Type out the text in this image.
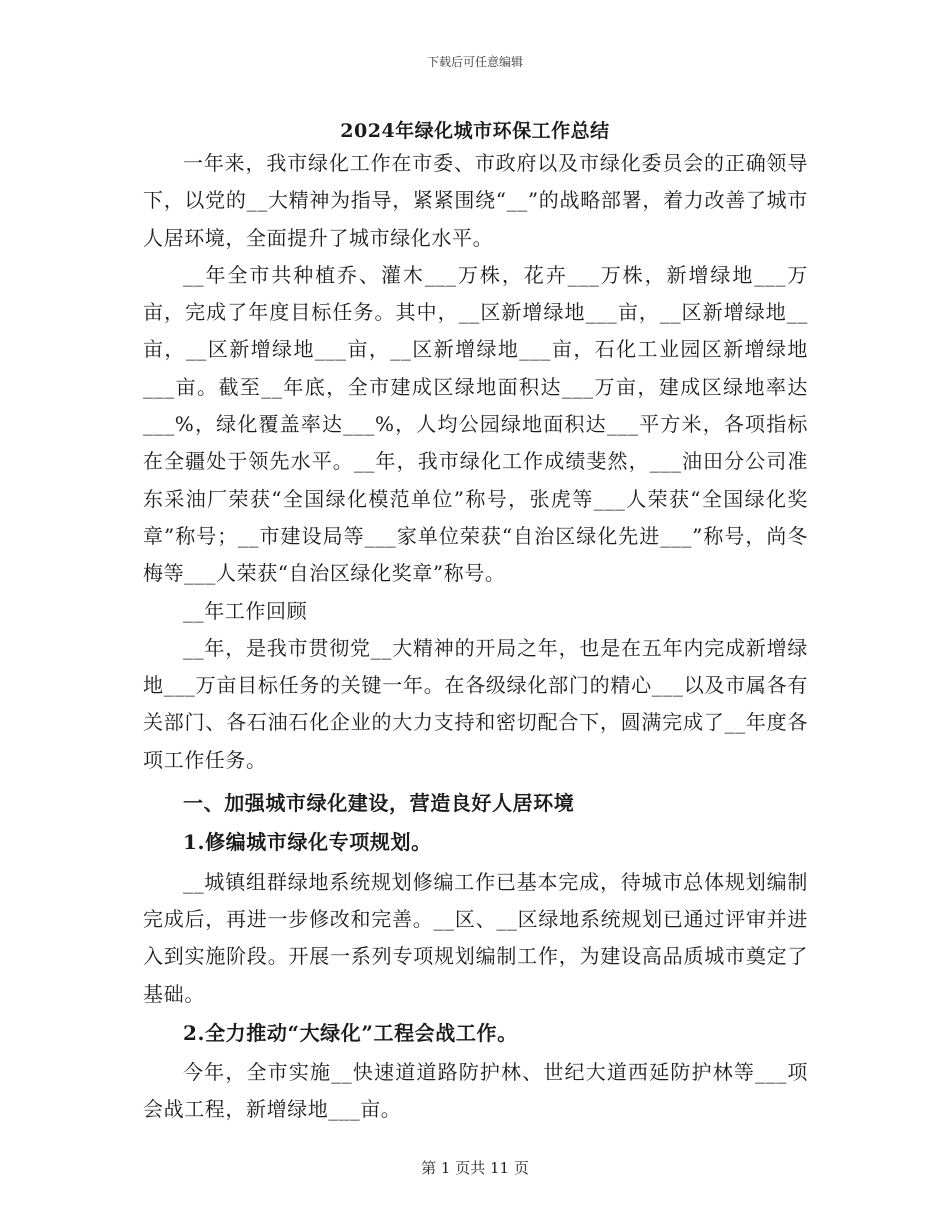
下载后可任意编辑
2024年绿化城市环保工作总结

一年来，我市绿化工作在市委、市政府以及市绿化委员会的正确领导下，以党的__大精神为指导，紧紧围绕“__”的战略部署，着力改善了城市人居环境，全面提升了城市绿化水平。

__年全市共种植乔、灌木___万株，花卉___万株，新增绿地___万亩，完成了年度目标任务。其中，__区新增绿地___亩，__区新增绿地__亩，__区新增绿地___亩，__区新增绿地___亩，石化工业园区新增绿地___亩。截至__年底，全市建成区绿地面积达___万亩，建成区绿地率达___%，绿化覆盖率达___%，人均公园绿地面积达___平方米，各项指标在全疆处于领先水平。__年，我市绿化工作成绩斐然，___油田分公司准东采油厂荣获“全国绿化模范单位”称号，张虎等___人荣获“全国绿化奖章”称号；__市建设局等___家单位荣获“自治区绿化先进___”称号，尚冬梅等___人荣获“自治区绿化奖章”称号。

__年工作回顾

__年，是我市贯彻党__大精神的开局之年，也是在五年内完成新增绿地___万亩目标任务的关键一年。在各级绿化部门的精心___以及市属各有关部门、各石油石化企业的大力支持和密切配合下，圆满完成了__年度各项工作任务。

一、加强城市绿化建设，营造良好人居环境

1.修编城市绿化专项规划。

__城镇组群绿地系统规划修编工作已基本完成，待城市总体规划编制完成后，再进一步修改和完善。__区、__区绿地系统规划已通过评审并进入到实施阶段。开展一系列专项规划编制工作，为建设高品质城市奠定了基础。

2.全力推动“大绿化”工程会战工作。

今年，全市实施__快速道道路防护林、世纪大道西延防护林等___项会战工程，新增绿地___亩。

第 1 页共 11 页
